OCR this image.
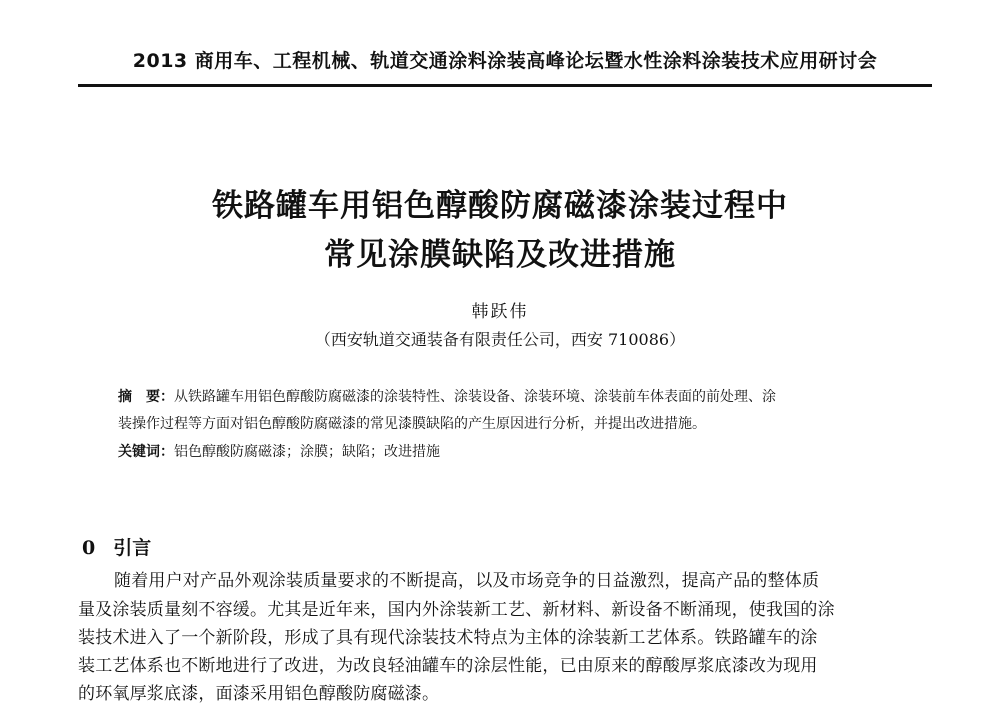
2013 商用车、工程机械、轨道交通涂料涂装高峰论坛暨水性涂料涂装技术应用研讨会
铁路罐车用铝色醇酸防腐磁漆涂装过程中
常见涂膜缺陷及改进措施
韩跃伟
（西安轨道交通装备有限责任公司，西安 710086）
摘　要：从铁路罐车用铝色醇酸防腐磁漆的涂装特性、涂装设备、涂装环境、涂装前车体表面的前处理、涂
装操作过程等方面对铝色醇酸防腐磁漆的常见漆膜缺陷的产生原因进行分析，并提出改进措施。
关键词：铝色醇酸防腐磁漆；涂膜；缺陷；改进措施
0 引言
随着用户对产品外观涂装质量要求的不断提高，以及市场竞争的日益激烈，提高产品的整体质
量及涂装质量刻不容缓。尤其是近年来，国内外涂装新工艺、新材料、新设备不断涌现，使我国的涂
装技术进入了一个新阶段，形成了具有现代涂装技术特点为主体的涂装新工艺体系。铁路罐车的涂
装工艺体系也不断地进行了改进，为改良轻油罐车的涂层性能，已由原来的醇酸厚浆底漆改为现用
的环氧厚浆底漆，面漆采用铝色醇酸防腐磁漆。
